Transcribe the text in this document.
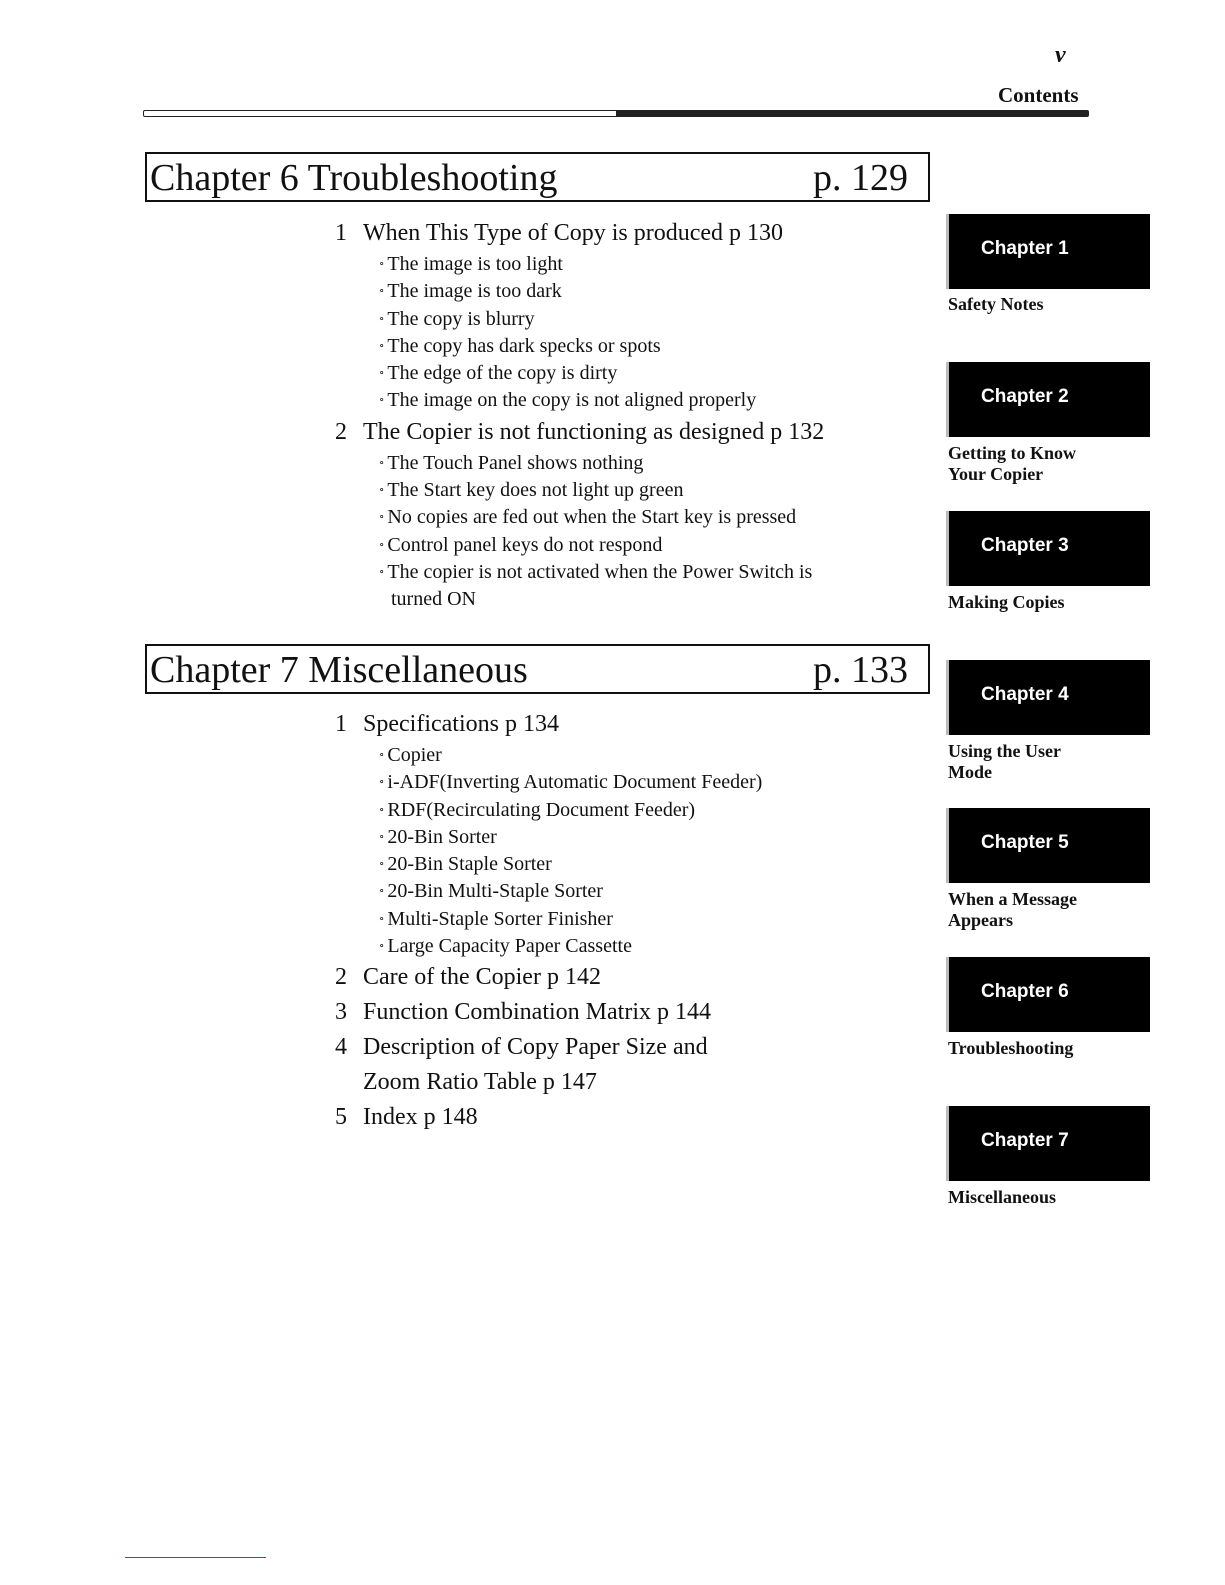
v
Contents
Chapter 6 Troubleshooting	p. 129
1 When This Type of Copy is produced p 130
∘ The image is too light
∘ The image is too dark
∘ The copy is blurry
∘ The copy has dark specks or spots
∘ The edge of the copy is dirty
∘ The image on the copy is not aligned properly
2 The Copier is not functioning as designed p 132
∘ The Touch Panel shows nothing
∘ The Start key does not light up green
∘ No copies are fed out when the Start key is pressed
∘ Control panel keys do not respond
∘ The copier is not activated when the Power Switch is
turned ON
Chapter 7 Miscellaneous	p. 133
1 Specifications p 134
∘ Copier
∘ i-ADF(Inverting Automatic Document Feeder)
∘ RDF(Recirculating Document Feeder)
∘ 20-Bin Sorter
∘ 20-Bin Staple Sorter
∘ 20-Bin Multi-Staple Sorter
∘ Multi-Staple Sorter Finisher
∘ Large Capacity Paper Cassette
2 Care of the Copier p 142
3 Function Combination Matrix p 144
4 Description of Copy Paper Size and
Zoom Ratio Table p 147
5 Index p 148
Chapter 1
Safety Notes
Chapter 2
Getting to Know
Your Copier
Chapter 3
Making Copies
Chapter 4
Using the User
Mode
Chapter 5
When a Message
Appears
Chapter 6
Troubleshooting
Chapter 7
Miscellaneous
